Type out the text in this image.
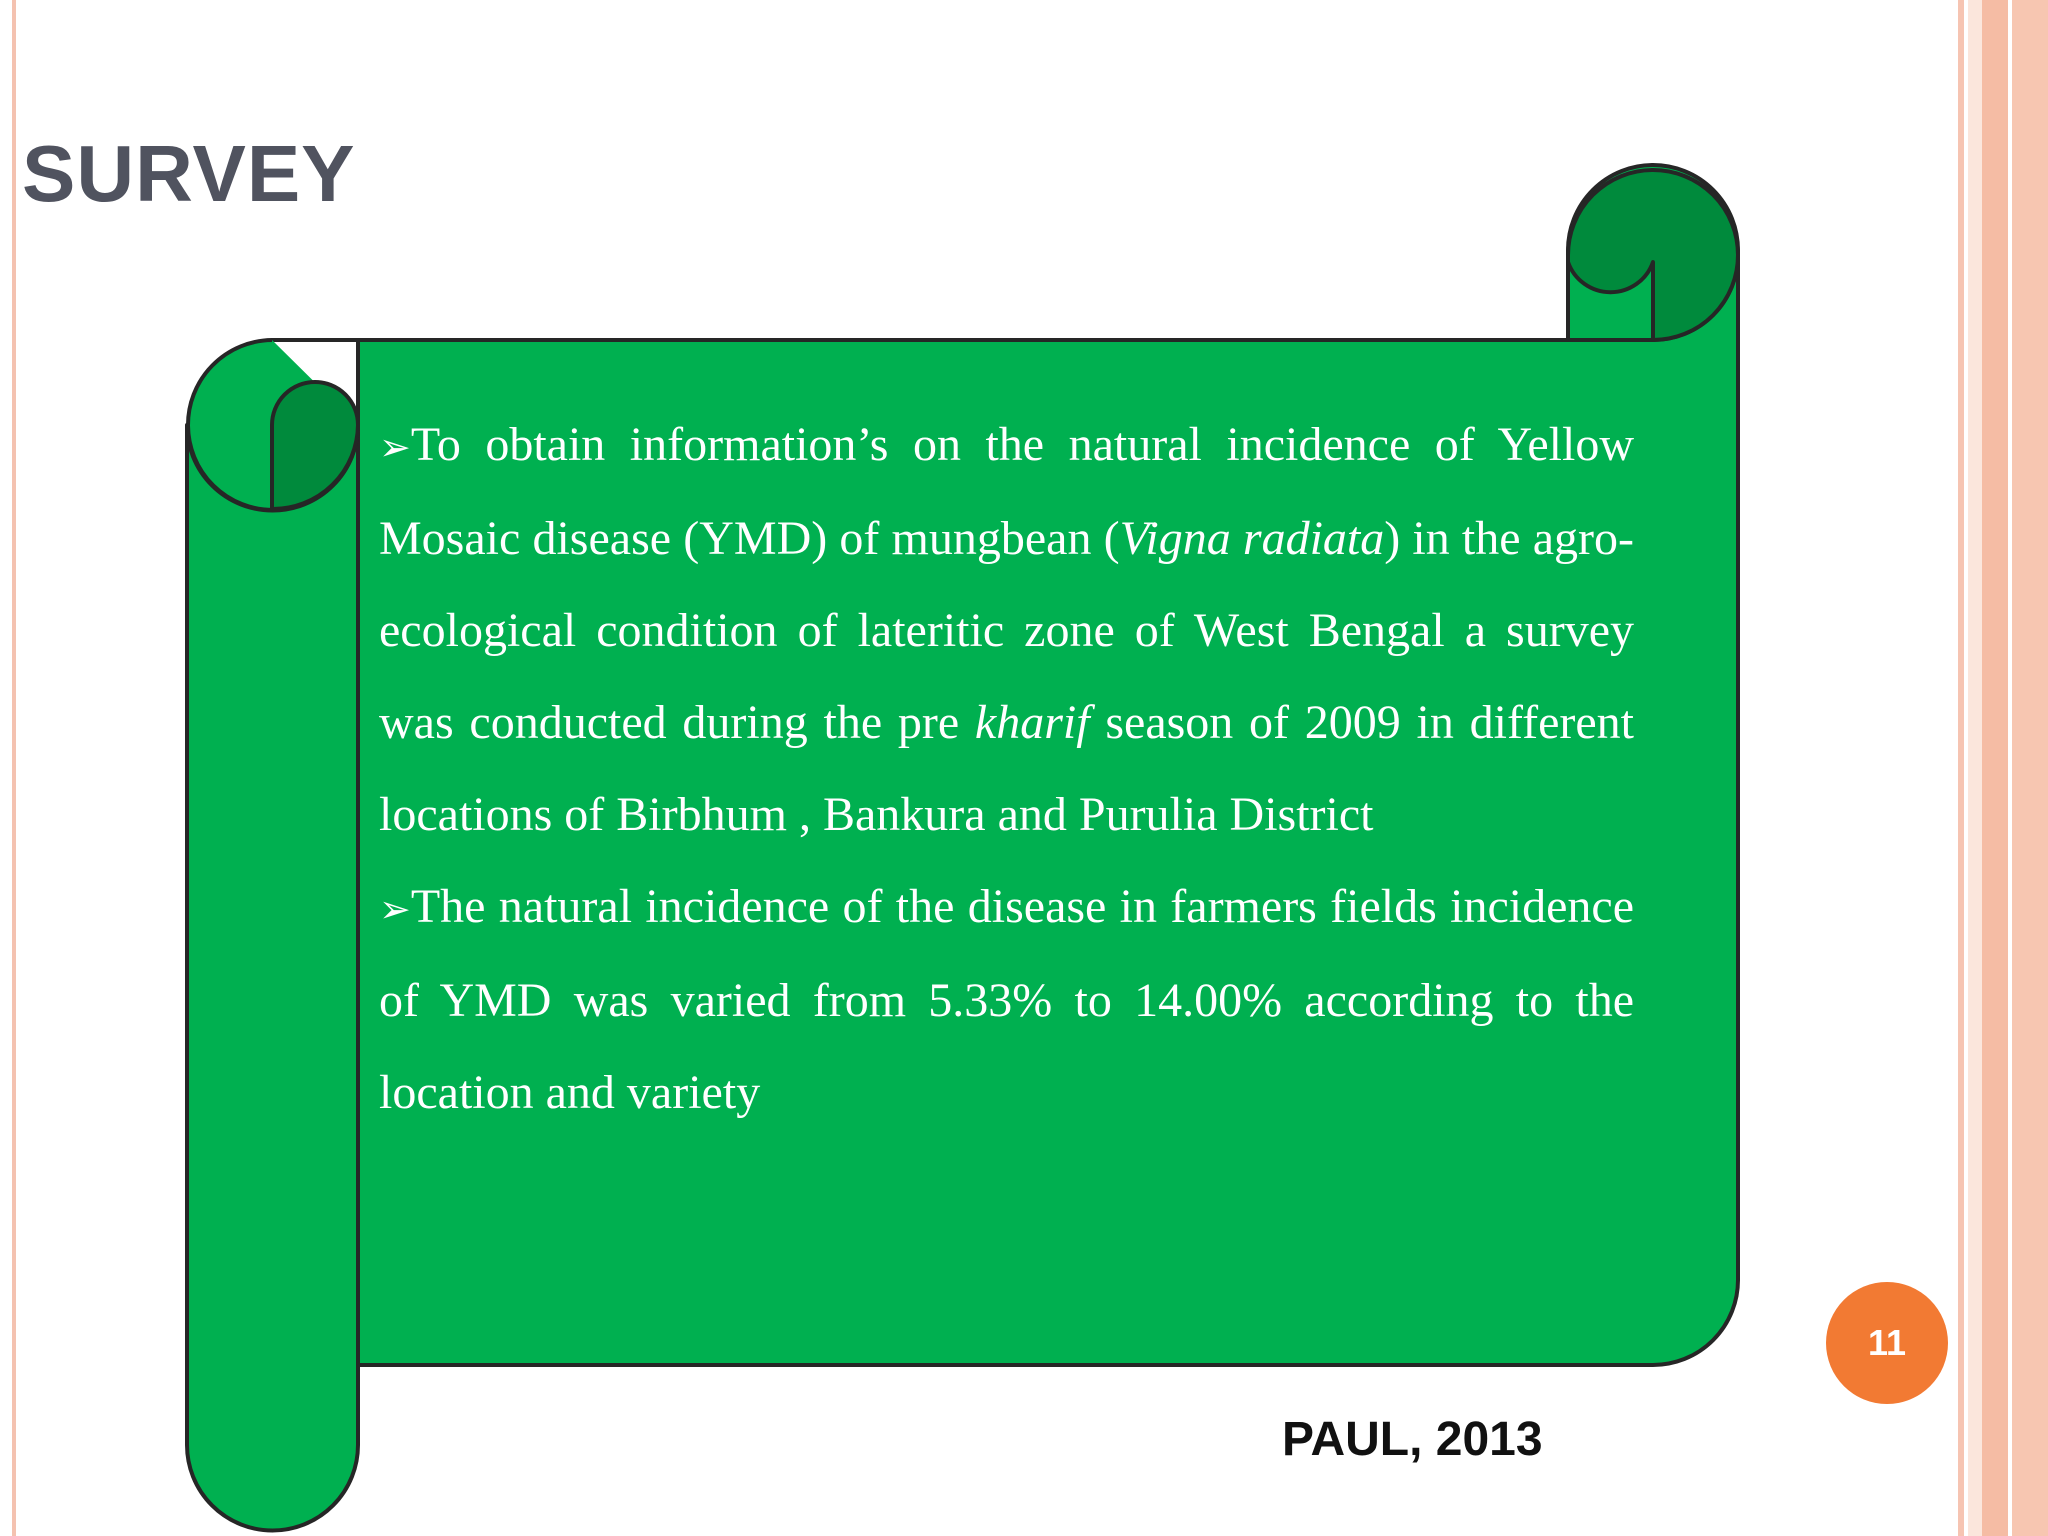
SURVEY

➢To obtain information’s on the natural incidence of Yellow Mosaic disease (YMD) of mungbean (Vigna radiata) in the agro-ecological condition of lateritic zone of West Bengal a survey was conducted during the pre kharif season of 2009 in different locations of Birbhum , Bankura and Purulia District

➢The natural incidence of the disease in farmers fields incidence of YMD was varied from 5.33% to 14.00% according to the location and variety

11
PAUL, 2013
